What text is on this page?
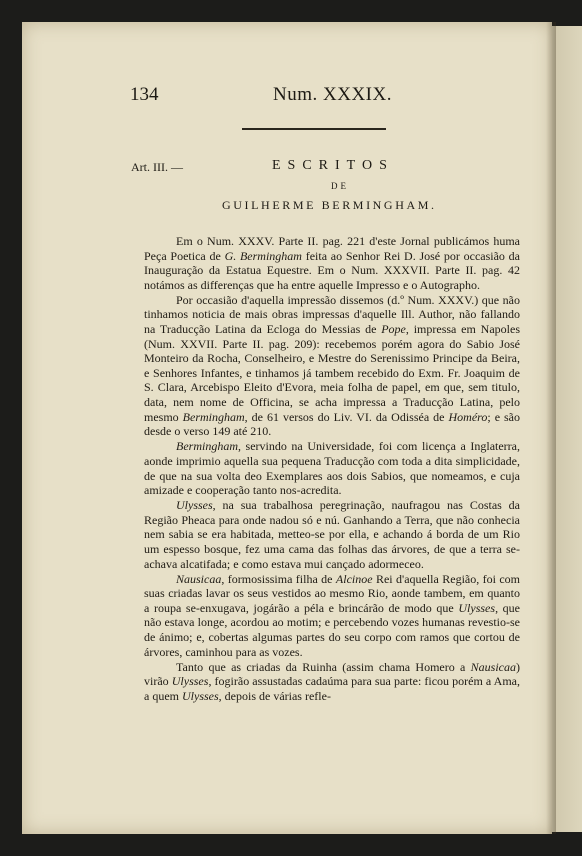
134	Num. XXXIX.
Art. III. —	ESCRITOS
DE
GUILHERME BERMINGHAM.

Em o Num. XXXV. Parte II. pag. 221 d'este Jornal publicámos huma Peça Poetica de G. Bermingham feita ao Senhor Rei D. José por occasião da Inauguração da Estatua Equestre. Em o Num. XXXVII. Parte II. pag. 42 notámos as differenças que ha entre aquelle Impresso e o Autographo.

Por occasião d'aquella impressão dissemos (d.º Num. XXXV.) que não tinhamos noticia de mais obras impressas d'aquelle Ill. Author, não fallando na Traducção Latina da Ecloga do Messias de Pope, impressa em Napoles (Num. XXVII. Parte II. pag. 209): recebemos porém agora do Sabio José Monteiro da Rocha, Conselheiro, e Mestre do Serenissimo Principe da Beira, e Senhores Infantes, e tinhamos já tambem recebido do Exm. Fr. Joaquim de S. Clara, Arcebispo Eleito d'Evora, meia folha de papel, em que, sem titulo, data, nem nome de Officina, se acha impressa a Traducção Latina, pelo mesmo Bermingham, de 61 versos do Liv. VI. da Odisséa de Homéro; e são desde o verso 149 até 210.

Bermingham, servindo na Universidade, foi com licença a Inglaterra, aonde imprimio aquella sua pequena Traducção com toda a dita simplicidade, de que na sua volta deo Exemplares aos dois Sabios, que nomeamos, e cuja amizade e cooperação tanto nos-acredita.

Ulysses, na sua trabalhosa peregrinação, naufragou nas Costas da Região Pheaca para onde nadou só e nú. Ganhando a Terra, que não conhecia nem sabia se era habitada, metteo-se por ella, e achando á borda de um Rio um espesso bosque, fez uma cama das folhas das árvores, de que a terra se-achava alcatifada; e como estava mui cançado adormeceo.

Nausicaa, formosissima filha de Alcinoe Rei d'aquella Região, foi com suas criadas lavar os seus vestidos ao mesmo Rio, aonde tambem, em quanto a roupa se-enxugava, jogárão a péla e brincárão de modo que Ulysses, que não estava longe, acordou ao motim; e percebendo vozes humanas revestio-se de ánimo; e, cobertas algumas partes do seu corpo com ramos que cortou de árvores, caminhou para as vozes.

Tanto que as criadas da Ruinha (assim chama Homero a Nausicaa) virão Ulysses, fogirão assustadas cadaúma para sua parte: ficou porém a Ama, a quem Ulysses, depois de várias refle-
